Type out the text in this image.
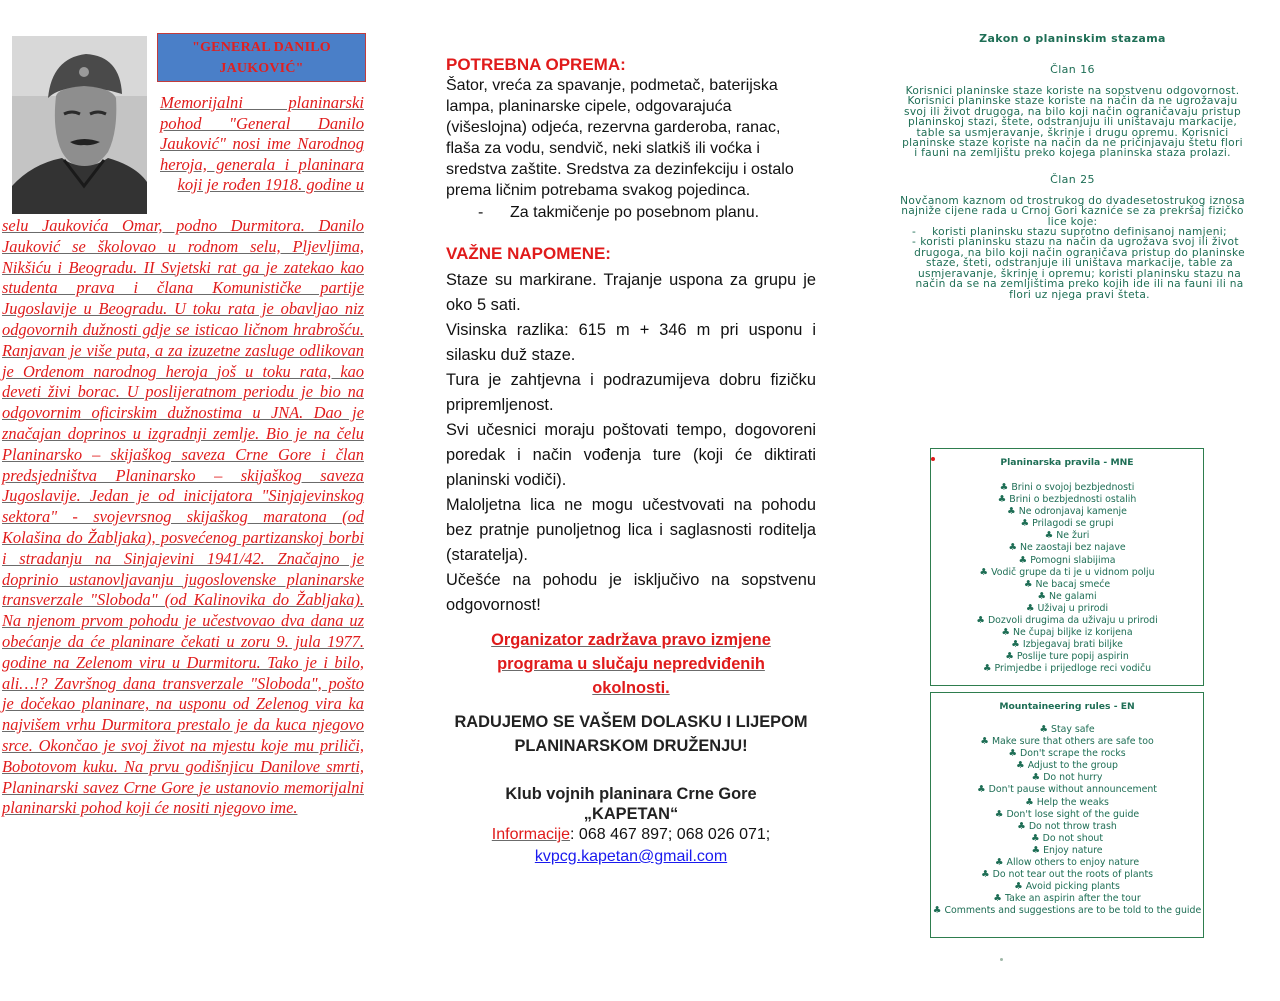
"GENERAL DANILO JAUKOVIĆ"
Memorijalni planinarski pohod "General Danilo Jauković" nosi ime Narodnog heroja, generala i planinara koji je rođen 1918. godine u
selu Jaukovića Omar, podno Durmitora. Danilo Jauković se školovao u rodnom selu, Pljevljima, Nikšiću i Beogradu. II Svjetski rat ga je zatekao kao studenta prava i člana Komunističke partije Jugoslavije u Beogradu. U toku rata je obavljao niz odgovornih dužnosti gdje se isticao ličnom hrabrošću. Ranjavan je više puta, a za izuzetne zasluge odlikovan je Ordenom narodnog heroja još u toku rata, kao deveti živi borac. U poslijeratnom periodu je bio na odgovornim oficirskim dužnostima u JNA. Dao je značajan doprinos u izgradnji zemlje. Bio je na čelu Planinarsko – skijaškog saveza Crne Gore i član predsjedništva Planinarsko – skijaškog saveza Jugoslavije. Jedan je od inicijatora "Sinjajevinskog sektora" - svojevrsnog skijaškog maratona (od Kolašina do Žabljaka), posvećenog partizanskoj borbi i stradanju na Sinjajevini 1941/42. Značajno je doprinio ustanovljavanju jugoslovenske planinarske transverzale "Sloboda" (od Kalinovika do Žabljaka). Na njenom prvom pohodu je učestvovao dva dana uz obećanje da će planinare čekati u zoru 9. jula 1977. godine na Zelenom viru u Durmitoru. Tako je i bilo, ali…!? Završnog dana transverzale "Sloboda", pošto je dočekao planinare, na usponu od Zelenog vira ka najvišem vrhu Durmitora prestalo je da kuca njegovo srce. Okončao je svoj život na mjestu koje mu priliči, Bobotovom kuku. Na prvu godišnjicu Danilove smrti, Planinarski savez Crne Gore je ustanovio memorijalni planinarski pohod koji će nositi njegovo ime.
POTREBNA OPREMA:
Šator, vreća za spavanje, podmetač, baterijska lampa, planinarske cipele, odgovarajuća (višeslojna) odjeća, rezervna garderoba, ranac, flaša za vodu, sendvič, neki slatkiš ili voćka i sredstva zaštite. Sredstva za dezinfekciju i ostalo prema ličnim potrebama svakog pojedinca.
-      Za takmičenje po posebnom planu.
VAŽNE NAPOMENE:
Staze su markirane. Trajanje uspona za grupu je oko 5 sati.
Visinska razlika: 615 m + 346 m pri usponu i silasku duž staze.
Tura je zahtjevna i podrazumijeva dobru fizičku pripremljenost.
Svi učesnici moraju poštovati tempo, dogovoreni poredak i način vođenja ture (koji će diktirati planinski vodiči).
Maloljetna lica ne mogu učestvovati na pohodu bez pratnje punoljetnog lica i saglasnosti roditelja (staratelja).
Učešće na pohodu je isključivo na sopstvenu odgovornost!
Organizator zadržava pravo izmjene programa u slučaju nepredviđenih okolnosti.
RADUJEMO SE VAŠEM DOLASKU I LIJEPOM PLANINARSKOM DRUŽENJU!
Klub vojnih planinara Crne Gore
„KAPETAN“
Informacije: 068 467 897; 068 026 071;
kvpcg.kapetan@gmail.com
Zakon o planinskim stazama
Član 16
Korisnici planinske staze koriste na sopstvenu odgovornost. Korisnici planinske staze koriste na način da ne ugrožavaju svoj ili život drugoga, na bilo koji način ograničavaju pristup planinskoj stazi, štete, odstranjuju ili uništavaju markacije, table sa usmjeravanje, škrinje i drugu opremu. Korisnici planinske staze koriste na način da ne pričinjavaju štetu flori i fauni na zemljištu preko kojega planinska staza prolazi.
Član 25
Novčanom kaznom od trostrukog do dvadesetostrukog iznosa najniže cijene rada u Crnoj Gori kazniće se za prekršaj fizičko lice koje:
- koristi planinsku stazu suprotno definisanoj namjeni;
- koristi planinsku stazu na način da ugrožava svoj ili život drugoga, na bilo koji način ograničava pristup do planinske staze, šteti, odstranjuje ili uništava markacije, table za usmjeravanje, škrinje i opremu; koristi planinsku stazu na način da se na zemljištima preko kojih ide ili na fauni ili na flori uz njega pravi šteta.
Planinarska pravila - MNE
♣ Brini o svojoj bezbjednosti
♣ Brini o bezbjednosti ostalih
♣ Ne odronjavaj kamenje
♣ Prilagodi se grupi
♣ Ne žuri
♣ Ne zaostaji bez najave
♣ Pomogni slabijima
♣ Vodič grupe da ti je u vidnom polju
♣ Ne bacaj smeće
♣ Ne galami
♣ Uživaj u prirodi
♣ Dozvoli drugima da uživaju u prirodi
♣ Ne čupaj biljke iz korijena
♣ Izbjegavaj brati biljke
♣ Poslije ture popij aspirin
♣ Primjedbe i prijedloge reci vodiču
Mountaineering rules - EN
♣ Stay safe
♣ Make sure that others are safe too
♣ Don't scrape the rocks
♣ Adjust to the group
♣ Do not hurry
♣ Don't pause without announcement
♣ Help the weaks
♣ Don't lose sight of the guide
♣ Do not throw trash
♣ Do not shout
♣ Enjoy nature
♣ Allow others to enjoy nature
♣ Do not tear out the roots of plants
♣ Avoid picking plants
♣ Take an aspirin after the tour
♣ Comments and suggestions are to be told to the guide
